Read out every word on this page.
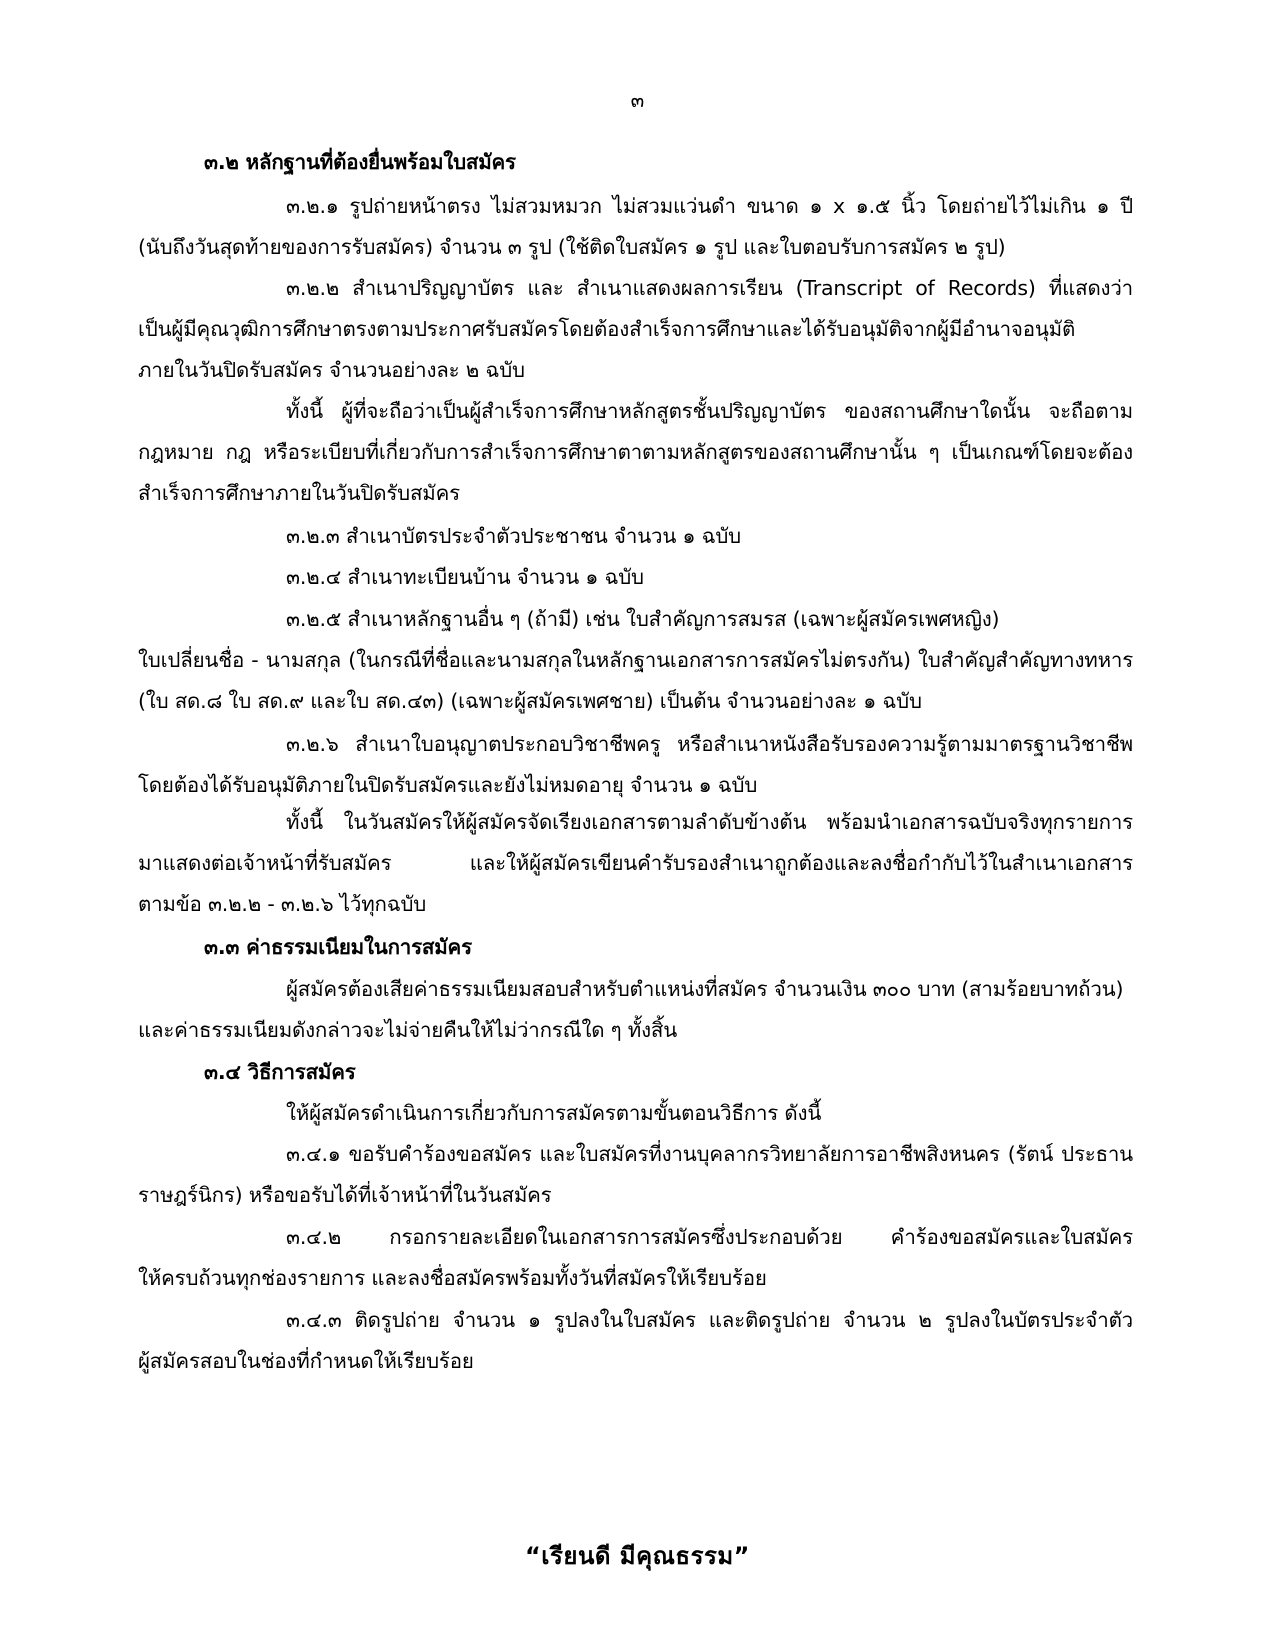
๓
๓.๒ หลักฐานที่ต้องยื่นพร้อมใบสมัคร
๓.๒.๑ รูปถ่ายหน้าตรง ไม่สวมหมวก ไม่สวมแว่นดำ ขนาด ๑ x ๑.๕ นิ้ว โดยถ่ายไว้ไม่เกิน ๑ ปี
(นับถึงวันสุดท้ายของการรับสมัคร) จำนวน ๓ รูป (ใช้ติดใบสมัคร ๑ รูป และใบตอบรับการสมัคร ๒ รูป)
๓.๒.๒ สำเนาปริญญาบัตร และ สำเนาแสดงผลการเรียน (Transcript of Records) ที่แสดงว่า
เป็นผู้มีคุณวุฒิการศึกษาตรงตามประกาศรับสมัครโดยต้องสำเร็จการศึกษาและได้รับอนุมัติจากผู้มีอำนาจอนุมัติ
ภายในวันปิดรับสมัคร จำนวนอย่างละ ๒ ฉบับ
ทั้งนี้ ผู้ที่จะถือว่าเป็นผู้สำเร็จการศึกษาหลักสูตรชั้นปริญญาบัตร ของสถานศึกษาใดนั้น จะถือตาม
กฎหมาย กฎ หรือระเบียบที่เกี่ยวกับการสำเร็จการศึกษาตาตามหลักสูตรของสถานศึกษานั้น ๆ เป็นเกณฑ์โดยจะต้อง
สำเร็จการศึกษาภายในวันปิดรับสมัคร
๓.๒.๓ สำเนาบัตรประจำตัวประชาชน จำนวน ๑ ฉบับ
๓.๒.๔ สำเนาทะเบียนบ้าน จำนวน ๑ ฉบับ
๓.๒.๕ สำเนาหลักฐานอื่น ๆ (ถ้ามี) เช่น ใบสำคัญการสมรส (เฉพาะผู้สมัครเพศหญิง)
ใบเปลี่ยนชื่อ - นามสกุล (ในกรณีที่ชื่อและนามสกุลในหลักฐานเอกสารการสมัครไม่ตรงกัน) ใบสำคัญสำคัญทางทหาร
(ใบ สด.๘ ใบ สด.๙ และใบ สด.๔๓) (เฉพาะผู้สมัครเพศชาย) เป็นต้น จำนวนอย่างละ ๑ ฉบับ
๓.๒.๖ สำเนาใบอนุญาตประกอบวิชาชีพครู หรือสำเนาหนังสือรับรองความรู้ตามมาตรฐานวิชาชีพ
โดยต้องได้รับอนุมัติภายในปิดรับสมัครและยังไม่หมดอายุ จำนวน ๑ ฉบับ
ทั้งนี้ ในวันสมัครให้ผู้สมัครจัดเรียงเอกสารตามลำดับข้างต้น พร้อมนำเอกสารฉบับจริงทุกรายการ
มาแสดงต่อเจ้าหน้าที่รับสมัคร และให้ผู้สมัครเขียนคำรับรองสำเนาถูกต้องและลงชื่อกำกับไว้ในสำเนาเอกสาร
ตามข้อ ๓.๒.๒ - ๓.๒.๖ ไว้ทุกฉบับ
๓.๓ ค่าธรรมเนียมในการสมัคร
ผู้สมัครต้องเสียค่าธรรมเนียมสอบสำหรับตำแหน่งที่สมัคร จำนวนเงิน ๓๐๐ บาท (สามร้อยบาทถ้วน)
และค่าธรรมเนียมดังกล่าวจะไม่จ่ายคืนให้ไม่ว่ากรณีใด ๆ ทั้งสิ้น
๓.๔ วิธีการสมัคร
ให้ผู้สมัครดำเนินการเกี่ยวกับการสมัครตามขั้นตอนวิธีการ ดังนี้
๓.๔.๑ ขอรับคำร้องขอสมัคร และใบสมัครที่งานบุคลากรวิทยาลัยการอาชีพสิงหนคร (รัตน์ ประธาน
ราษฎร์นิกร) หรือขอรับได้ที่เจ้าหน้าที่ในวันสมัคร
๓.๔.๒ กรอกรายละเอียดในเอกสารการสมัครซึ่งประกอบด้วย คำร้องขอสมัครและใบสมัคร
ให้ครบถ้วนทุกช่องรายการ และลงชื่อสมัครพร้อมทั้งวันที่สมัครให้เรียบร้อย
๓.๔.๓ ติดรูปถ่าย จำนวน ๑ รูปลงในใบสมัคร และติดรูปถ่าย จำนวน ๒ รูปลงในบัตรประจำตัว
ผู้สมัครสอบในช่องที่กำหนดให้เรียบร้อย
“เรียนดี มีคุณธรรม”
